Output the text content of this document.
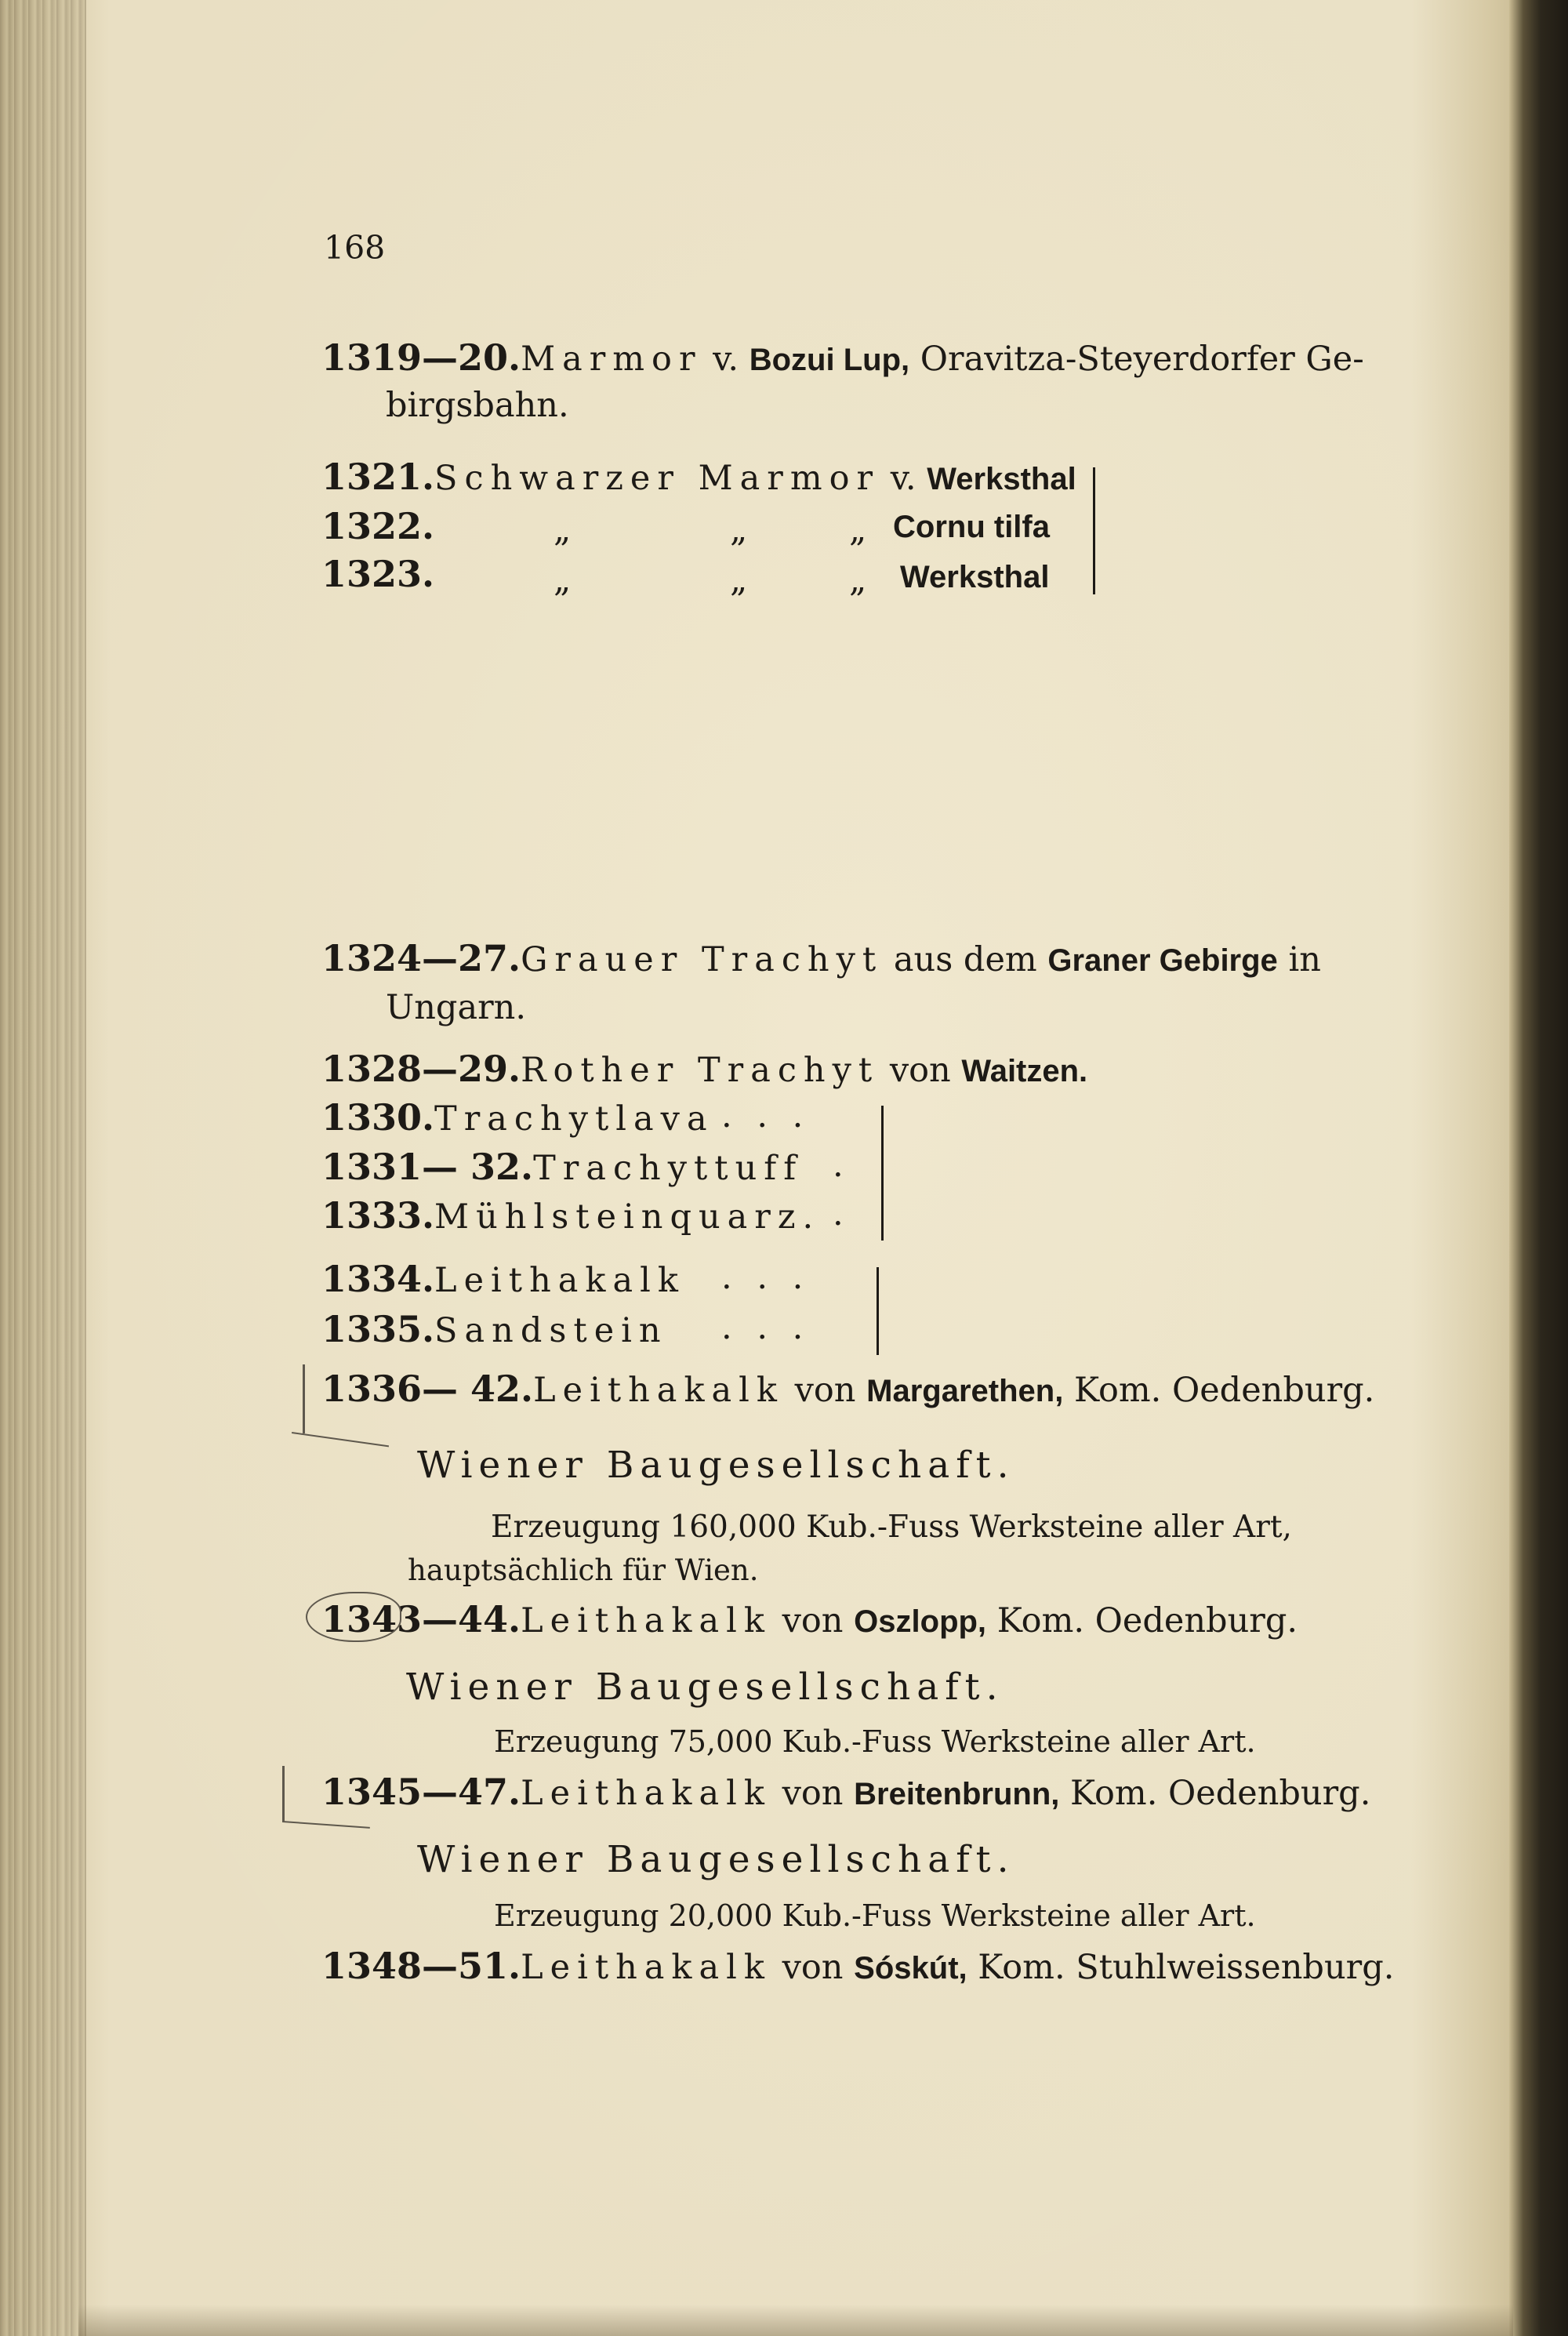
168
1319—20.Marmor v. Bozui Lup, Oravitza-Steyerdorfer Ge-
birgsbahn.
1321.Schwarzer Marmor v. Werksthal
1322.	„	„	„ Cornu tilfa
1323.	„	„	„ Werksthal
1324—27.Grauer Trachyt aus dem Graner Gebirge in
Ungarn.
1328—29.Rother Trachyt von Waitzen.
1330.Trachytlava . . .
1331— 32.Trachyttuff .
1333.Mühlsteinquarz. .
1334.Leithakalk . . .
1335.Sandstein . . .
1336— 42.Leithakalk von Margarethen, Kom. Oedenburg.
Wiener Baugesellschaft.
Erzeugung 160,000 Kub.-Fuss Werksteine aller Art,
hauptsächlich für Wien.
1343—44.Leithakalk von Oszlopp, Kom. Oedenburg.
Wiener Baugesellschaft.
Erzeugung 75,000 Kub.-Fuss Werksteine aller Art.
1345—47.Leithakalk von Breitenbrunn, Kom. Oedenburg.
Wiener Baugesellschaft.
Erzeugung 20,000 Kub.-Fuss Werksteine aller Art.
1348—51.Leithakalk von Sóskút, Kom. Stuhlweissenburg.
